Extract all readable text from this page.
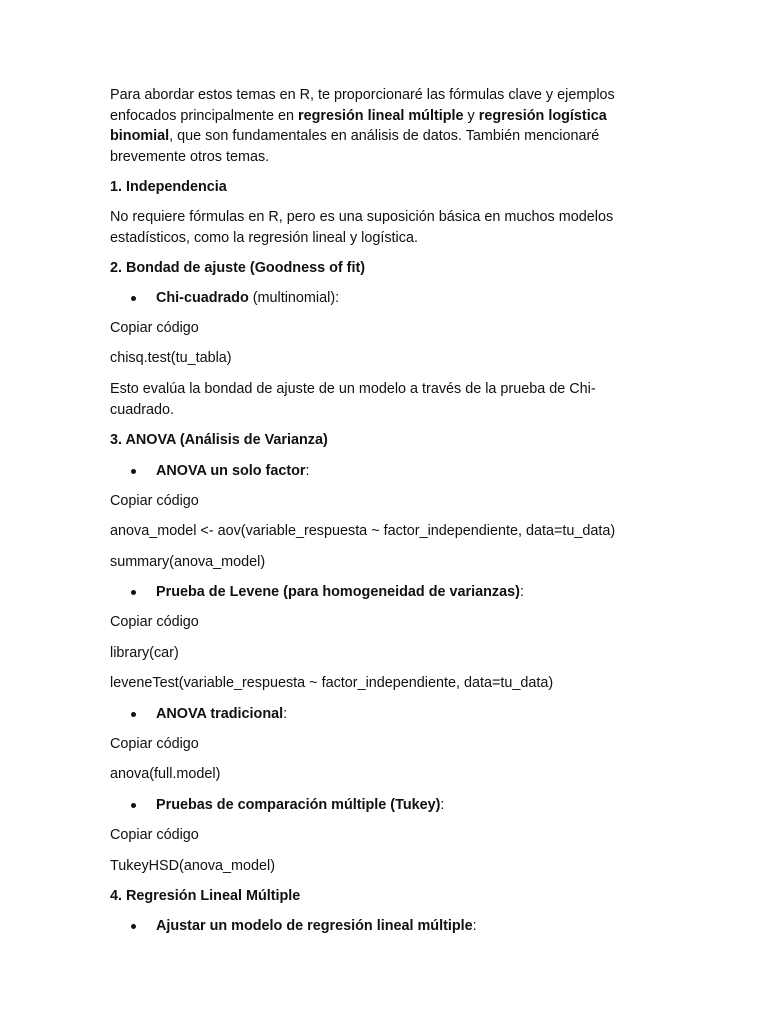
Para abordar estos temas en R, te proporcionaré las fórmulas clave y ejemplos enfocados principalmente en regresión lineal múltiple y regresión logística binomial, que son fundamentales en análisis de datos. También mencionaré brevemente otros temas.

1. Independencia

No requiere fórmulas en R, pero es una suposición básica en muchos modelos estadísticos, como la regresión lineal y logística.

2. Bondad de ajuste (Goodness of fit)

Chi-cuadrado (multinomial):

Copiar código

chisq.test(tu_tabla)

Esto evalúa la bondad de ajuste de un modelo a través de la prueba de Chi-cuadrado.

3. ANOVA (Análisis de Varianza)

ANOVA un solo factor:

Copiar código

anova_model <- aov(variable_respuesta ~ factor_independiente, data=tu_data)

summary(anova_model)

Prueba de Levene (para homogeneidad de varianzas):

Copiar código

library(car)

leveneTest(variable_respuesta ~ factor_independiente, data=tu_data)

ANOVA tradicional:

Copiar código

anova(full.model)

Pruebas de comparación múltiple (Tukey):

Copiar código

TukeyHSD(anova_model)

4. Regresión Lineal Múltiple

Ajustar un modelo de regresión lineal múltiple:
